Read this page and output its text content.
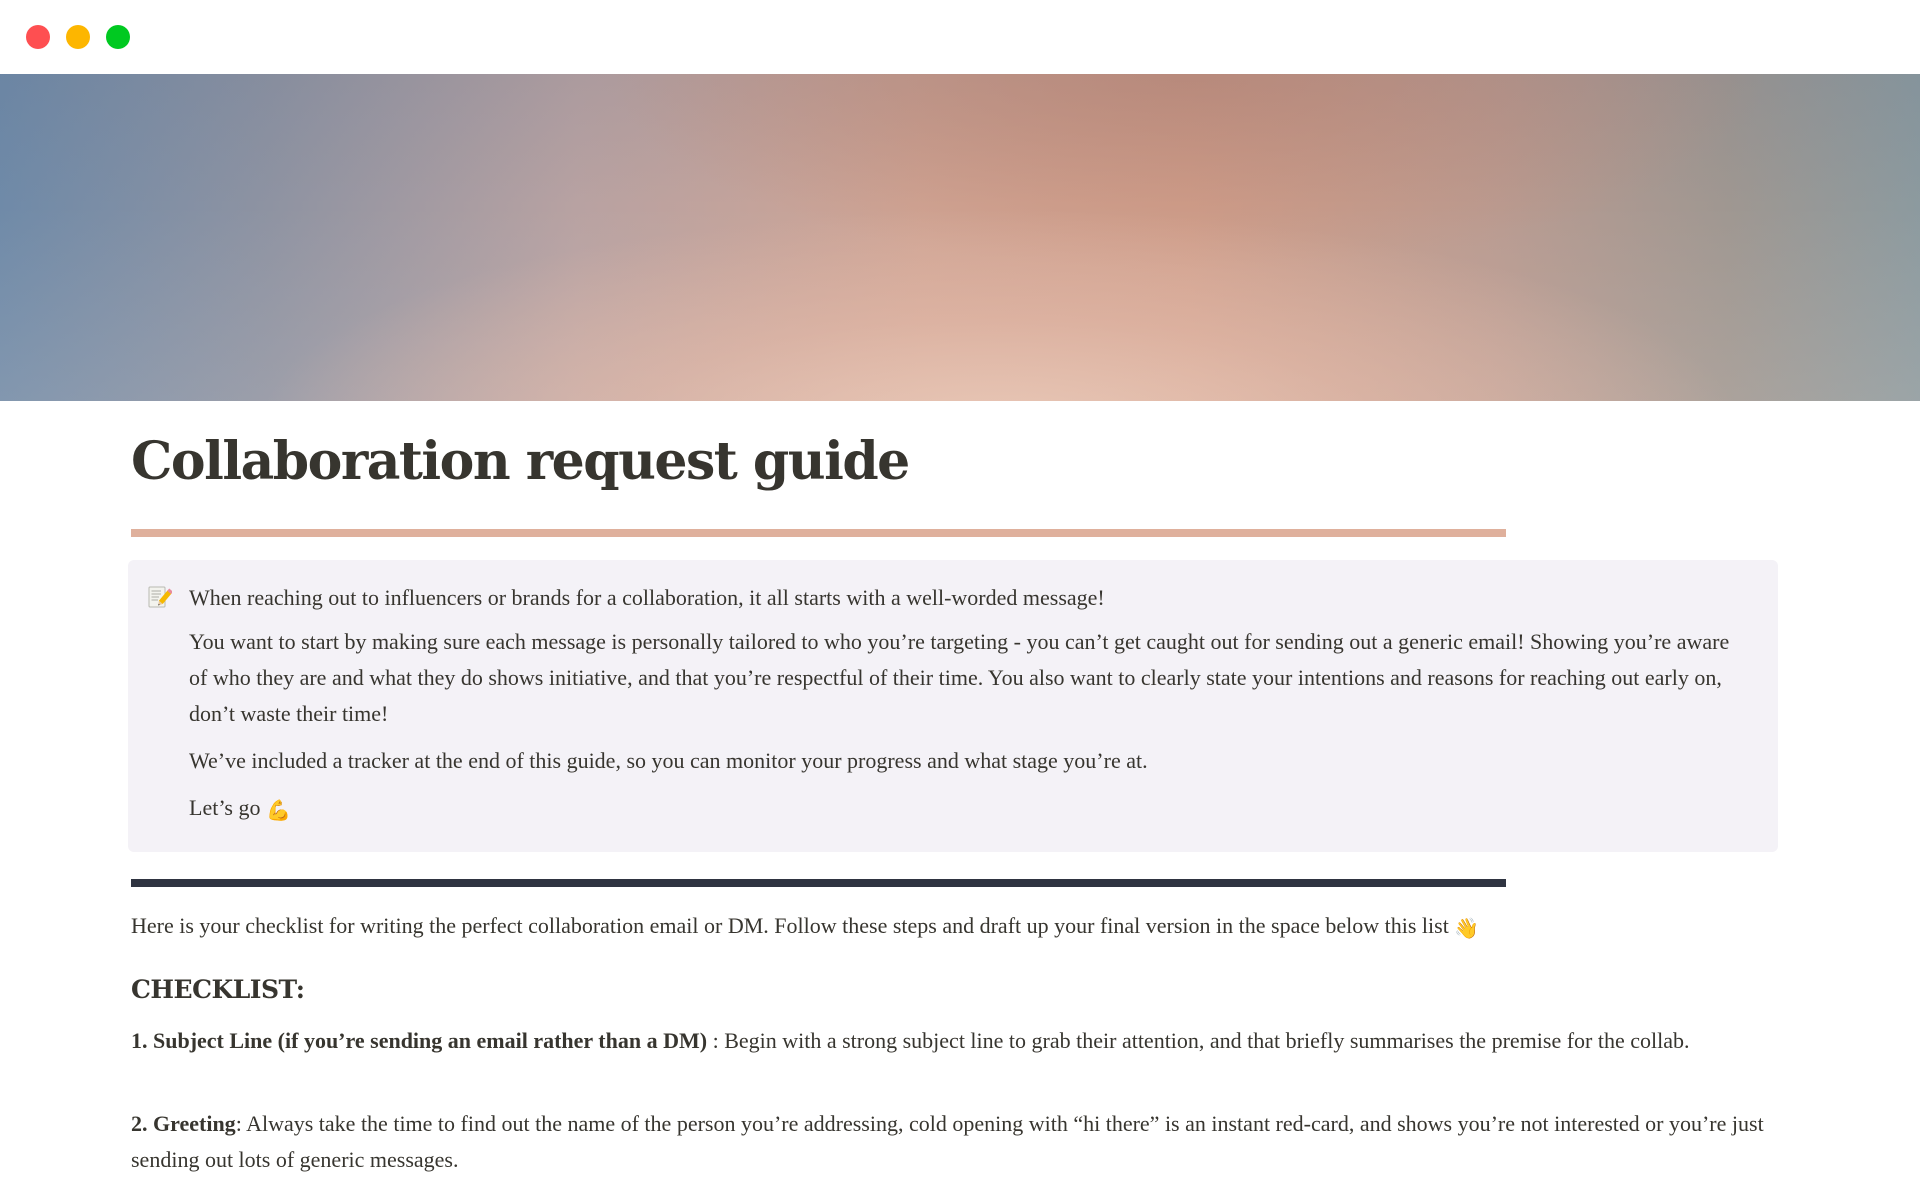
Collaboration request guide

When reaching out to influencers or brands for a collaboration, it all starts with a well-worded message!

You want to start by making sure each message is personally tailored to who you’re targeting - you can’t get caught out for sending out a generic email! Showing you’re aware of who they are and what they do shows initiative, and that you’re respectful of their time. You also want to clearly state your intentions and reasons for reaching out early on, don’t waste their time!

We’ve included a tracker at the end of this guide, so you can monitor your progress and what stage you’re at.

Let’s go 💪

Here is your checklist for writing the perfect collaboration email or DM. Follow these steps and draft up your final version in the space below this list 👋

CHECKLIST:

1. Subject Line (if you’re sending an email rather than a DM) : Begin with a strong subject line to grab their attention, and that briefly summarises the premise for the collab.

2. Greeting: Always take the time to find out the name of the person you’re addressing, cold opening with “hi there” is an instant red-card, and shows you’re not interested or you’re just sending out lots of generic messages.
